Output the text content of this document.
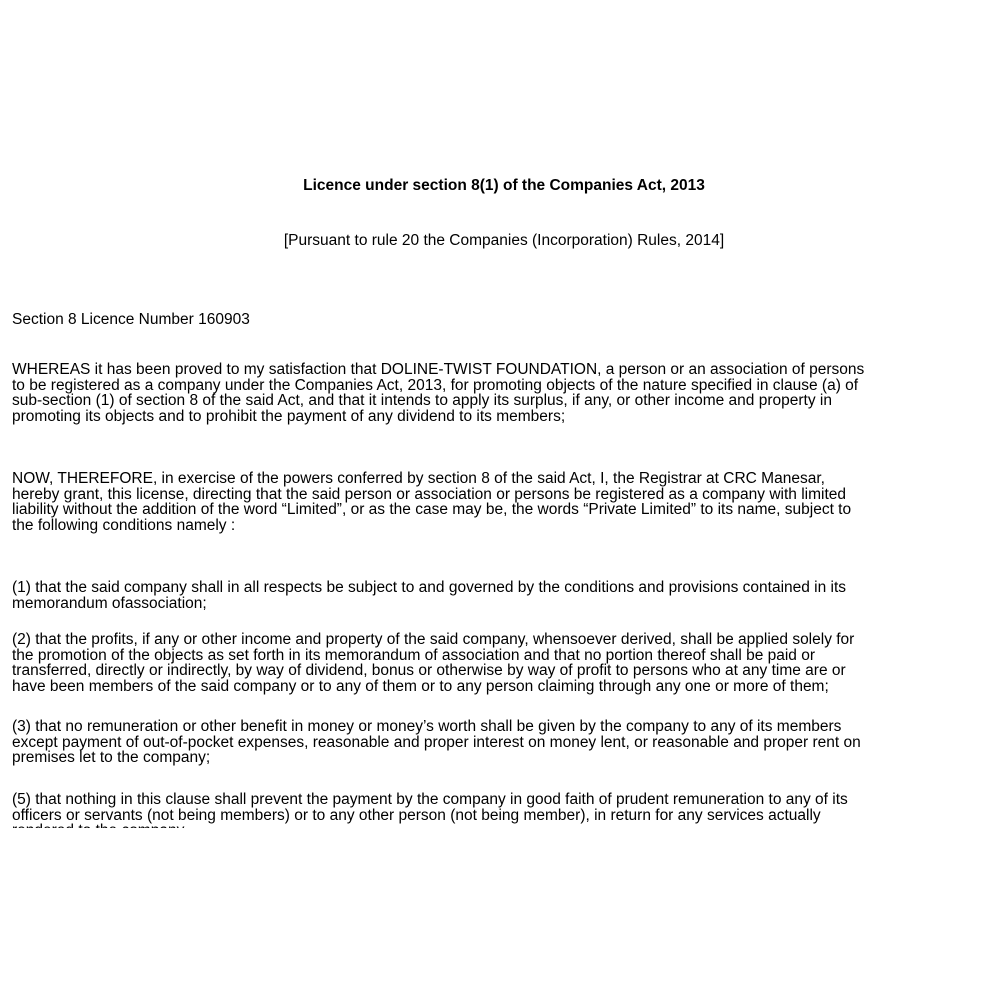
Licence under section 8(1) of the Companies Act, 2013

[Pursuant to rule 20 the Companies (Incorporation) Rules, 2014]

Section 8 Licence Number 160903

WHEREAS it has been proved to my satisfaction that DOLINE-TWIST FOUNDATION, a person or an association of persons
to be registered as a company under the Companies Act, 2013, for promoting objects of the nature specified in clause (a) of
sub-section (1) of section 8 of the said Act, and that it intends to apply its surplus, if any, or other income and property in
promoting its objects and to prohibit the payment of any dividend to its members;

NOW, THEREFORE, in exercise of the powers conferred by section 8 of the said Act, I, the Registrar at CRC Manesar,
hereby grant, this license, directing that the said person or association or persons be registered as a company with limited
liability without the addition of the word “Limited”, or as the case may be, the words “Private Limited” to its name, subject to
the following conditions namely :

(1) that the said company shall in all respects be subject to and governed by the conditions and provisions contained in its
memorandum ofassociation;

(2) that the profits, if any or other income and property of the said company, whensoever derived, shall be applied solely for
the promotion of the objects as set forth in its memorandum of association and that no portion thereof shall be paid or
transferred, directly or indirectly, by way of dividend, bonus or otherwise by way of profit to persons who at any time are or
have been members of the said company or to any of them or to any person claiming through any one or more of them;

(3) that no remuneration or other benefit in money or money’s worth shall be given by the company to any of its members
except payment of out-of-pocket expenses, reasonable and proper interest on money lent, or reasonable and proper rent on
premises let to the company;

(5) that nothing in this clause shall prevent the payment by the company in good faith of prudent remuneration to any of its
officers or servants (not being members) or to any other person (not being member), in return for any services actually
